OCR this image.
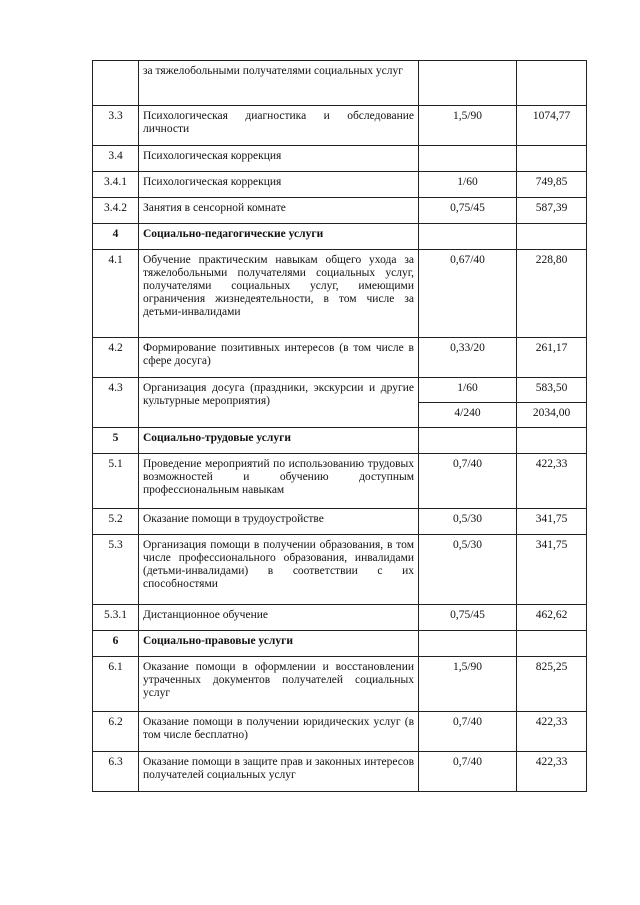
	за тяжелобольными получателями социальных услуг		
3.3	Психологическая диагностика и обследование личности	1,5/90	1074,77
3.4	Психологическая коррекция		
3.4.1	Психологическая коррекция	1/60	749,85
3.4.2	Занятия в сенсорной комнате	0,75/45	587,39
4	Социально-педагогические услуги		
4.1	Обучение практическим навыкам общего ухода за тяжелобольными получателями социальных услуг, получателями социальных услуг, имеющими ограничения жизнедеятельности, в том числе за детьми-инвалидами	0,67/40	228,80
4.2	Формирование позитивных интересов (в том числе в сфере досуга)	0,33/20	261,17
4.3	Организация досуга (праздники, экскурсии и другие культурные мероприятия)	1/60	583,50
		4/240	2034,00
5	Социально-трудовые услуги		
5.1	Проведение мероприятий по использованию трудовых возможностей и обучению доступным профессиональным навыкам	0,7/40	422,33
5.2	Оказание помощи в трудоустройстве	0,5/30	341,75
5.3	Организация помощи в получении образования, в том числе профессионального образования, инвалидами (детьми-инвалидами) в соответствии с их способностями	0,5/30	341,75
5.3.1	Дистанционное обучение	0,75/45	462,62
6	Социально-правовые услуги		
6.1	Оказание помощи в оформлении и восстановлении утраченных документов получателей социальных услуг	1,5/90	825,25
6.2	Оказание помощи в получении юридических услуг (в том числе бесплатно)	0,7/40	422,33
6.3	Оказание помощи в защите прав и законных интересов получателей социальных услуг	0,7/40	422,33
